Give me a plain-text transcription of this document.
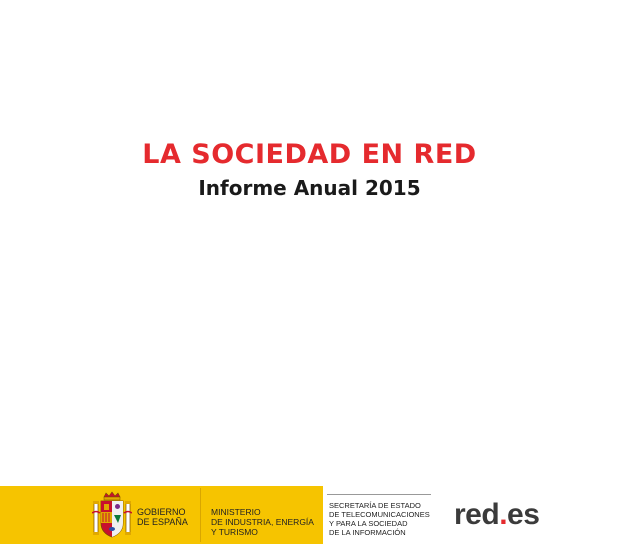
LA SOCIEDAD EN RED
Informe Anual 2015
GOBIERNO
DE ESPAÑA
MINISTERIO
DE INDUSTRIA, ENERGÍA
Y TURISMO
SECRETARÍA DE ESTADO
DE TELECOMUNICACIONES
Y PARA LA SOCIEDAD
DE LA INFORMACIÓN
red.es
